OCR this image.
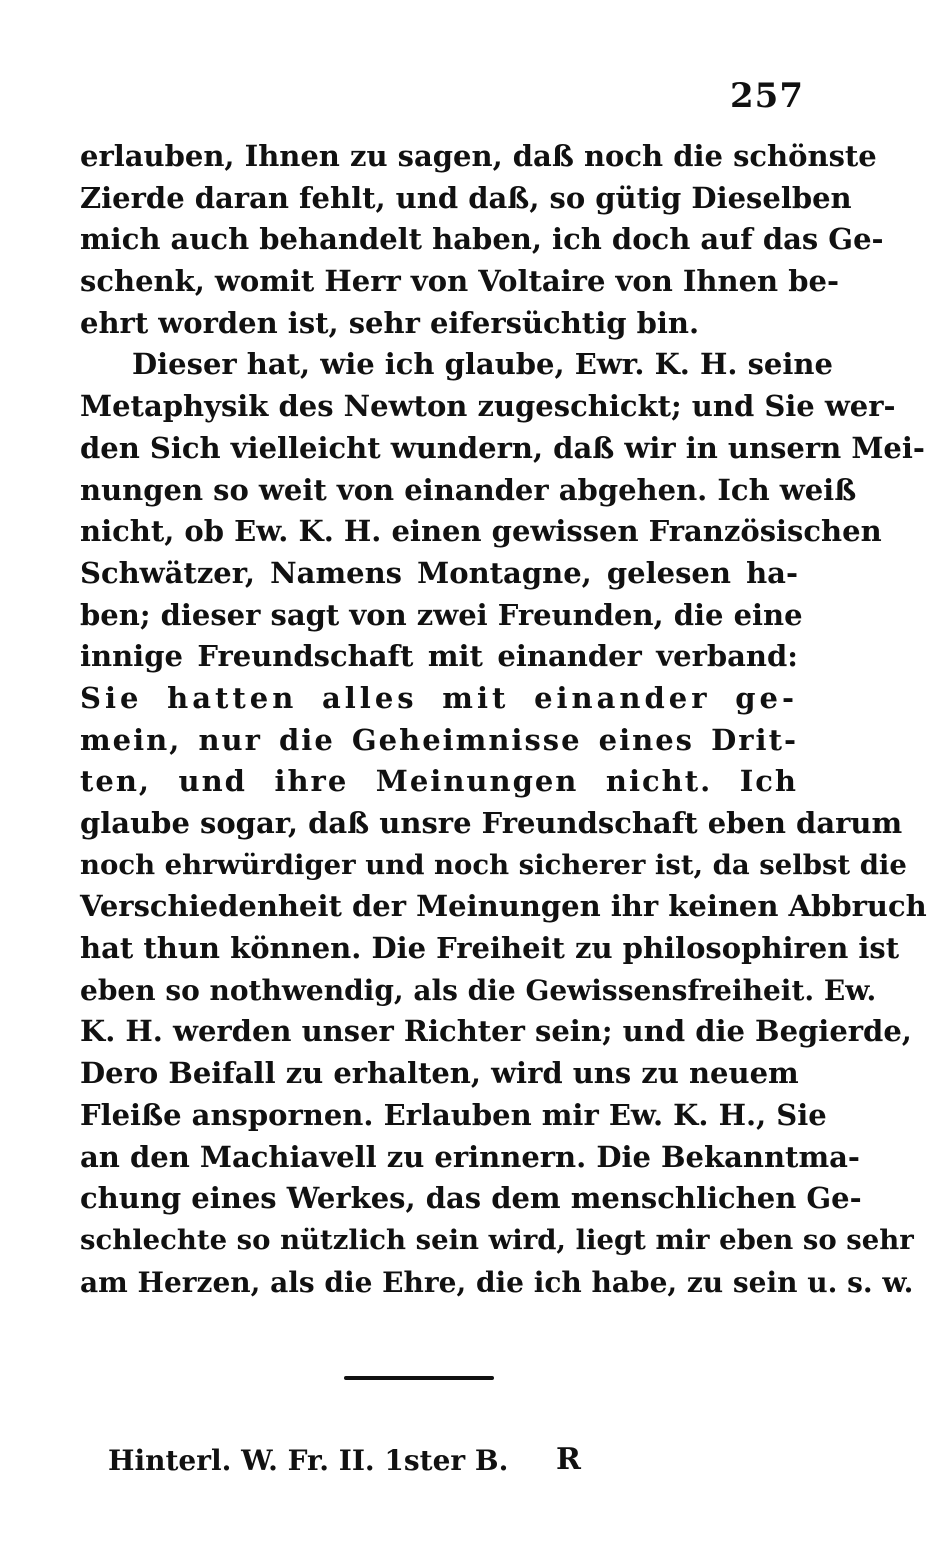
257
erlauben, Ihnen zu sagen, daß noch die schönste
Zierde daran fehlt, und daß, so gütig Dieselben
mich auch behandelt haben, ich doch auf das Ge-
schenk, womit Herr von Voltaire von Ihnen be-
ehrt worden ist, sehr eifersüchtig bin.
Dieser hat, wie ich glaube, Ewr. K. H. seine
Metaphysik des Newton zugeschickt; und Sie wer-
den Sich vielleicht wundern, daß wir in unsern Mei-
nungen so weit von einander abgehen. Ich weiß
nicht, ob Ew. K. H. einen gewissen Französischen
Schwätzer, Namens Montagne, gelesen ha-
ben; dieser sagt von zwei Freunden, die eine
innige Freundschaft mit einander verband:
Sie hatten alles mit einander ge-
mein, nur die Geheimnisse eines Drit-
ten, und ihre Meinungen nicht. Ich
glaube sogar, daß unsre Freundschaft eben darum
noch ehrwürdiger und noch sicherer ist, da selbst die
Verschiedenheit der Meinungen ihr keinen Abbruch
hat thun können. Die Freiheit zu philosophiren ist
eben so nothwendig, als die Gewissensfreiheit. Ew.
K. H. werden unser Richter sein; und die Begierde,
Dero Beifall zu erhalten, wird uns zu neuem
Fleiße anspornen. Erlauben mir Ew. K. H., Sie
an den Machiavell zu erinnern. Die Bekanntma-
chung eines Werkes, das dem menschlichen Ge-
schlechte so nützlich sein wird, liegt mir eben so sehr
am Herzen, als die Ehre, die ich habe, zu sein u. s. w.
Hinterl. W. Fr. II. 1ster B. R
